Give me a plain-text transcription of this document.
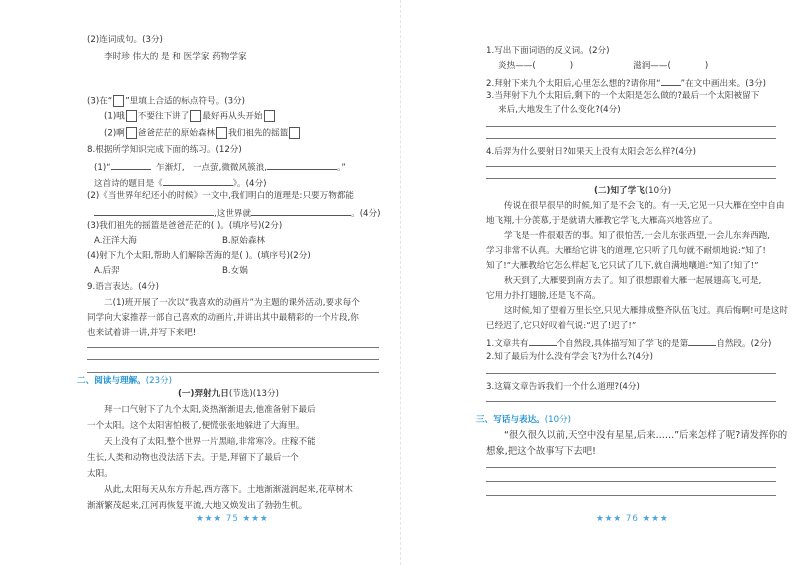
(2)连词成句。(3分)
李时珍 伟大的 是 和 医学家 药物学家
(3)在“ ”里填上合适的标点符号。(3分)
(1)哦 不要往下讲了 最好再从头开始
(2)啊 爸爸茫茫的原始森林 我们祖先的摇篮
8.根据所学知识完成下面的练习。(12分)
(1)“	乍渐灯, 一点萤,微微风簇浪,	。”
这首诗的题目是《	》。(4分)
(2)《当世界年纪还小的时候》一文中,我们明白的道理是:只要万物都能
,这世界就	。(4分)
(3)我们祖先的摇篮是爸爸茫茫的( )。(填序号)(2分)
A.汪洋大海	B.原始森林
(4)射下九个太阳,帮助人们解除苦海的是( )。(填序号)(2分)
A.后羿	B.女娲
9.语言表达。(4分)
二(1)班开展了一次以“我喜欢的动画片”为主题的课外活动,要求每个
同学向大家推荐一部自己喜欢的动画片,并讲出其中最精彩的一个片段,你
也来试着讲一讲,并写下来吧!
二、阅读与理解。(23分)
(一)羿射九日(节选)(13分)
拜一口气射下了九个太阳,炎热渐渐退去,他准备射下最后
一个太阳。这个太阳害怕极了,便慌张张地躲进了大海里。
天上没有了太阳,整个世界一片黑暗,非常寒冷。庄稼不能
生长,人类和动物也没法活下去。于是,拜留下了最后一个
太阳。
从此,太阳每天从东方升起,西方落下。土地渐渐滋润起来,花草树木
渐渐繁茂起来,江河再恢复平流,大地又焕发出了勃勃生机。
★★★ 75 ★★★
1.写出下面词语的反义词。(2分)
炎热——(	)	滋润——(	)
2.拜射下来九个太阳后,心里怎么想的?请你用“ ”在文中画出来。(3分)
3.当拜射下九个太阳后,剩下的一个太阳是怎么做的?最后一个太阳被留下
来后,大地发生了什么变化?(4分)
4.后羿为什么要射日?如果天上没有太阳会怎么样?(4分)
(二)知了学飞(10分)
传说在很早很早的时候,知了是不会飞的。有一天,它见一只大雁在空中自由
地飞翔,十分羡慕,于是就请大雁教它学飞,大雁高兴地答应了。
学飞是一件很艰苦的事。知了很怕苦,一会儿东张西望,一会儿东奔西跑,
学习非常不认真。大雁给它讲飞的道理,它只听了几句就不耐烦地说:“知了!
知了!”大雁教给它怎么样起飞,它只试了几下,就自满地嚷道:“知了!知了!”
秋天到了,大雁要到南方去了。知了很想跟着大雁一起展翅高飞,可是,
它用力扑打翅膀,还是飞不高。
这时候,知了望着万里长空,只见大雁排成整齐队伍飞过。真后悔啊!可是这时
已经迟了,它只好叹着气说:“迟了!迟了!”
1.文章共有	个自然段,具体描写知了学飞的是第	自然段。(2分)
2.知了最后为什么没有学会飞?为什么?(4分)
3.这篇文章告诉我们一个什么道理?(4分)
三、写话与表达。(10分)
“很久很久以前,天空中没有星星,后来……”后来怎样了呢?请发挥你的
想象,把这个故事写下去吧!
★★★ 76 ★★★
